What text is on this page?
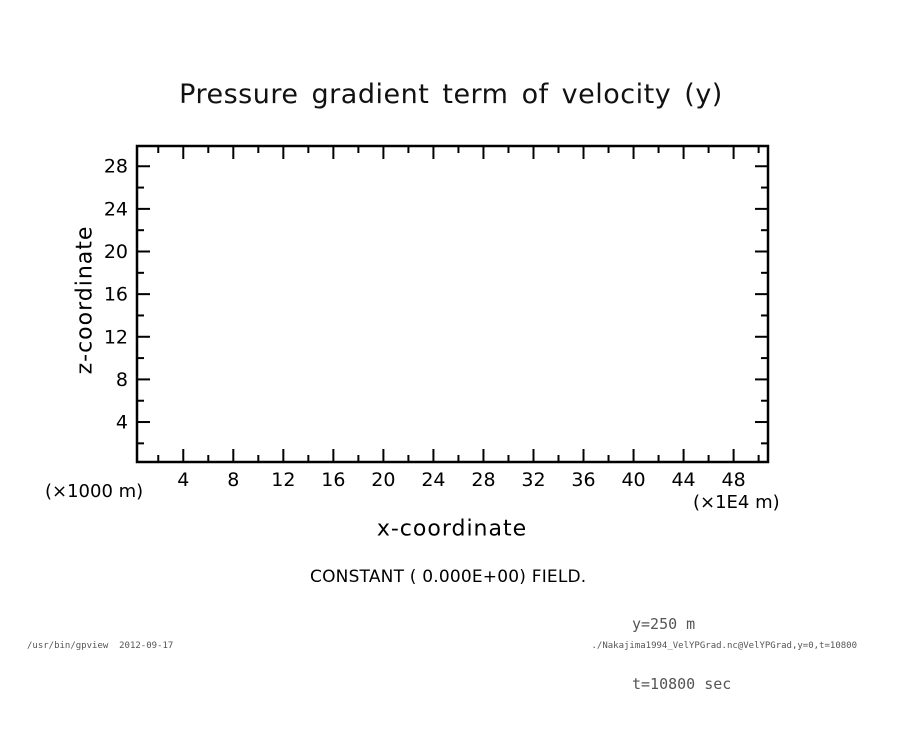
Pressure gradient term of velocity (y)
4 8 12 16 20 24 28 32 36 40 44 48
4
8
12
16
20
24
28
z-coordinate
x-coordinate
(×1000 m)
(×1E4 m)
CONSTANT ( 0.000E+00) FIELD.

y=250 m

t=10800 sec

/usr/bin/gpview  2012-09-17	./Nakajima1994_VelYPGrad.nc@VelYPGrad,y=0,t=10800
